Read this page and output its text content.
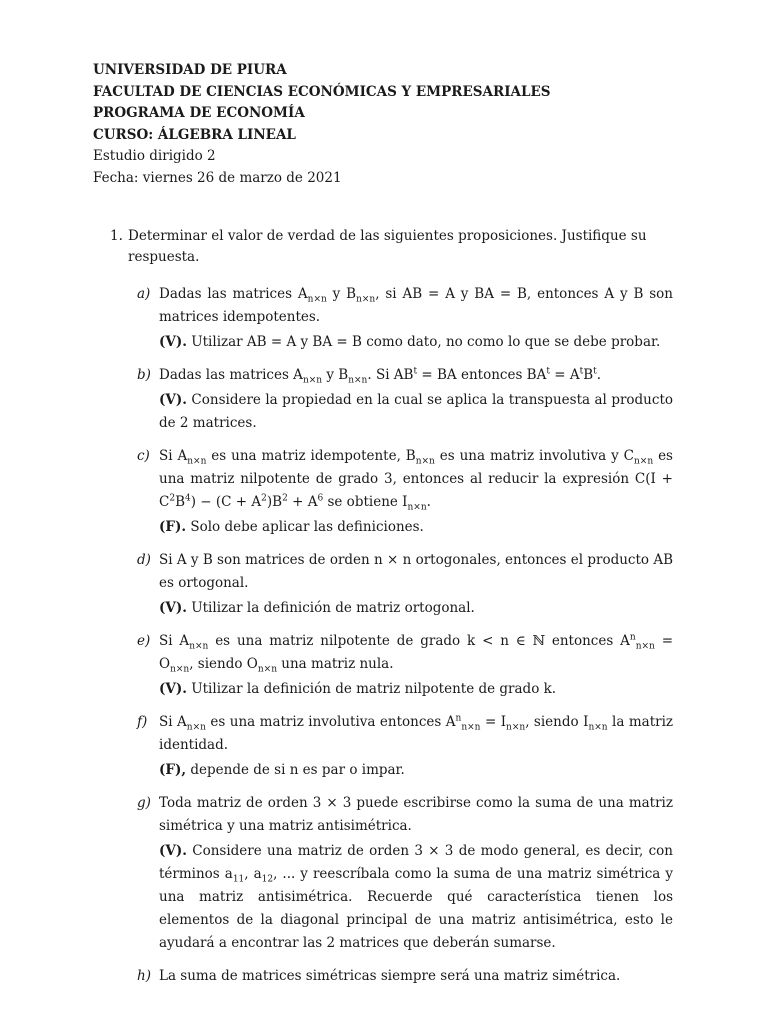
UNIVERSIDAD DE PIURA
FACULTAD DE CIENCIAS ECONÓMICAS Y EMPRESARIALES
PROGRAMA DE ECONOMÍA
CURSO: ÁLGEBRA LINEAL
Estudio dirigido 2
Fecha: viernes 26 de marzo de 2021
1. Determinar el valor de verdad de las siguientes proposiciones. Justifique su respuesta.
a) Dadas las matrices $A_{n\times n}$ y $B_{n\times n}$, si AB = A y BA = B, entonces A y B son matrices idempotentes.

(V). Utilizar AB = A y BA = B como dato, no como lo que se debe probar.

b) Dadas las matrices $A_{n\times n}$ y $B_{n\times n}$. Si $AB^t$ = BA entonces $BA^t = A^tB^t$.

(V). Considere la propiedad en la cual se aplica la transpuesta al producto de 2 matrices.

c) Si $A_{n\times n}$ es una matriz idempotente, $B_{n\times n}$ es una matriz involutiva y $C_{n\times n}$ es una matriz nilpotente de grado 3, entonces al reducir la expresión $C(I + C^2B^4) - (C + A^2)B^2 + A^6$ se obtiene $I_{n\times n}$.

(F). Solo debe aplicar las definiciones.

d) Si A y B son matrices de orden n × n ortogonales, entonces el producto AB es ortogonal.

(V). Utilizar la definición de matriz ortogonal.

e) Si $A_{n\times n}$ es una matriz nilpotente de grado k < n ∈ ℕ entonces $A^n_{n\times n} = O_{n\times n}$, siendo $O_{n\times n}$ una matriz nula.

(V). Utilizar la definición de matriz nilpotente de grado k.

f) Si $A_{n\times n}$ es una matriz involutiva entonces $A^n_{n\times n} = I_{n\times n}$, siendo $I_{n\times n}$ la matriz identidad.

(F), depende de si n es par o impar.

g) Toda matriz de orden 3 × 3 puede escribirse como la suma de una matriz simétrica y una matriz antisimétrica.

(V). Considere una matriz de orden 3 × 3 de modo general, es decir, con términos $a_{11}$, $a_{12}$, ... y reescríbala como la suma de una matriz simétrica y una matriz antisimétrica. Recuerde qué característica tienen los elementos de la diagonal principal de una matriz antisimétrica, esto le ayudará a encontrar las 2 matrices que deberán sumarse.

h) La suma de matrices simétricas siempre será una matriz simétrica.
